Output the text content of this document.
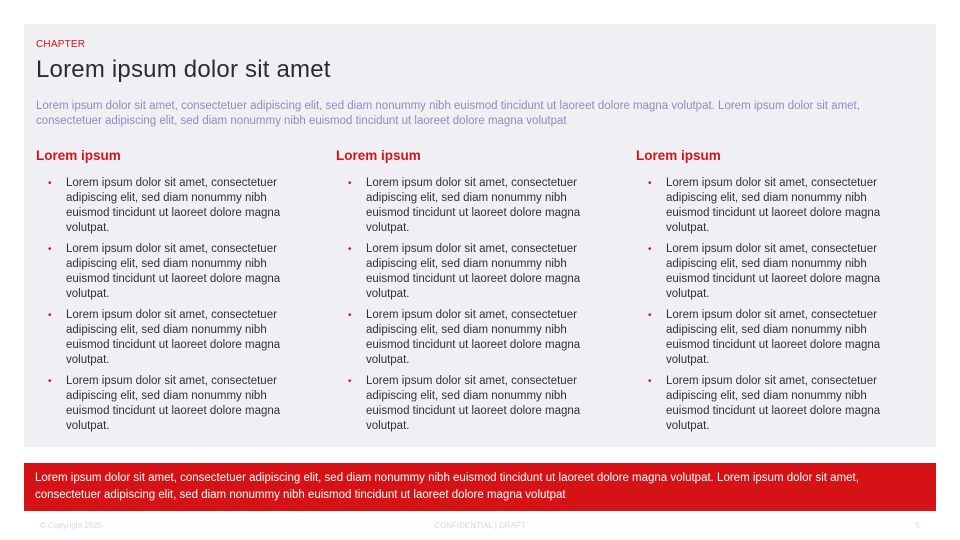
CHAPTER
Lorem ipsum dolor sit amet

Lorem ipsum dolor sit amet, consectetuer adipiscing elit, sed diam nonummy nibh euismod tincidunt ut laoreet dolore magna volutpat. Lorem ipsum dolor sit amet, consectetuer adipiscing elit, sed diam nonummy nibh euismod tincidunt ut laoreet dolore magna volutpat

Lorem ipsum
• Lorem ipsum dolor sit amet, consectetuer adipiscing elit, sed diam nonummy nibh euismod tincidunt ut laoreet dolore magna volutpat.
• Lorem ipsum dolor sit amet, consectetuer adipiscing elit, sed diam nonummy nibh euismod tincidunt ut laoreet dolore magna volutpat.
• Lorem ipsum dolor sit amet, consectetuer adipiscing elit, sed diam nonummy nibh euismod tincidunt ut laoreet dolore magna volutpat.
• Lorem ipsum dolor sit amet, consectetuer adipiscing elit, sed diam nonummy nibh euismod tincidunt ut laoreet dolore magna volutpat.
Lorem ipsum
• Lorem ipsum dolor sit amet, consectetuer adipiscing elit, sed diam nonummy nibh euismod tincidunt ut laoreet dolore magna volutpat.
• Lorem ipsum dolor sit amet, consectetuer adipiscing elit, sed diam nonummy nibh euismod tincidunt ut laoreet dolore magna volutpat.
• Lorem ipsum dolor sit amet, consectetuer adipiscing elit, sed diam nonummy nibh euismod tincidunt ut laoreet dolore magna volutpat.
• Lorem ipsum dolor sit amet, consectetuer adipiscing elit, sed diam nonummy nibh euismod tincidunt ut laoreet dolore magna volutpat.
Lorem ipsum
• Lorem ipsum dolor sit amet, consectetuer adipiscing elit, sed diam nonummy nibh euismod tincidunt ut laoreet dolore magna volutpat.
• Lorem ipsum dolor sit amet, consectetuer adipiscing elit, sed diam nonummy nibh euismod tincidunt ut laoreet dolore magna volutpat.
• Lorem ipsum dolor sit amet, consectetuer adipiscing elit, sed diam nonummy nibh euismod tincidunt ut laoreet dolore magna volutpat.
• Lorem ipsum dolor sit amet, consectetuer adipiscing elit, sed diam nonummy nibh euismod tincidunt ut laoreet dolore magna volutpat.

Lorem ipsum dolor sit amet, consectetuer adipiscing elit, sed diam nonummy nibh euismod tincidunt ut laoreet dolore magna volutpat. Lorem ipsum dolor sit amet, consectetuer adipiscing elit, sed diam nonummy nibh euismod tincidunt ut laoreet dolore magna volutpat

© Copyright 2025	CONFIDENTIAL | DRAFT	5
